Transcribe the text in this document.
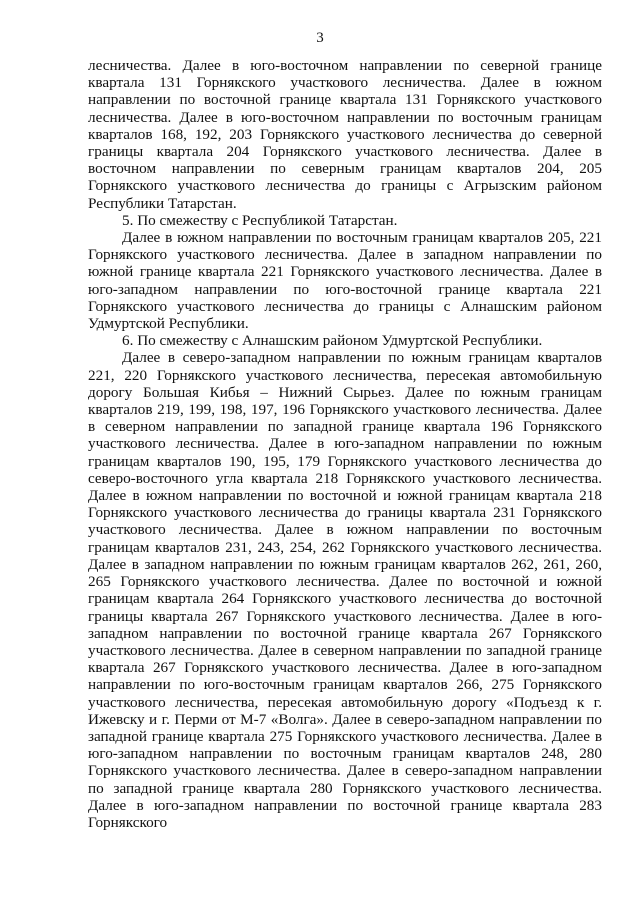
3

лесничества. Далее в юго-восточном направлении по северной границе квартала 131 Горнякского участкового лесничества. Далее в южном направлении по восточной границе квартала 131 Горнякского участкового лесничества. Далее в юго-восточном направлении по восточным границам кварталов 168, 192, 203 Горнякского участкового лесничества до северной границы квартала 204 Горнякского участкового лесничества. Далее в восточном направлении по северным границам кварталов 204, 205 Горнякского участкового лесничества до границы с Агрызским районом Республики Татарстан.

5. По смежеству с Республикой Татарстан.

Далее в южном направлении по восточным границам кварталов 205, 221 Горнякского участкового лесничества. Далее в западном направлении по южной границе квартала 221 Горнякского участкового лесничества. Далее в юго-западном направлении по юго-восточной границе квартала 221 Горнякского участкового лесничества до границы с Алнашским районом Удмуртской Республики.

6. По смежеству с Алнашским районом Удмуртской Республики.

Далее в северо-западном направлении по южным границам кварталов 221, 220 Горнякского участкового лесничества, пересекая автомобильную дорогу Большая Кибья – Нижний Сырьез. Далее по южным границам кварталов 219, 199, 198, 197, 196 Горнякского участкового лесничества. Далее в северном направлении по западной границе квартала 196 Горнякского участкового лесничества. Далее в юго-западном направлении по южным границам кварталов 190, 195, 179 Горнякского участкового лесничества до северо-восточного угла квартала 218 Горнякского участкового лесничества. Далее в южном направлении по восточной и южной границам квартала 218 Горнякского участкового лесничества до границы квартала 231 Горнякского участкового лесничества. Далее в южном направлении по восточным границам кварталов 231, 243, 254, 262 Горнякского участкового лесничества. Далее в западном направлении по южным границам кварталов 262, 261, 260, 265 Горнякского участкового лесничества. Далее по восточной и южной границам квартала 264 Горнякского участкового лесничества до восточной границы квартала 267 Горнякского участкового лесничества. Далее в юго-западном направлении по восточной границе квартала 267 Горнякского участкового лесничества. Далее в северном направлении по западной границе квартала 267 Горнякского участкового лесничества. Далее в юго-западном направлении по юго-восточным границам кварталов 266, 275 Горнякского участкового лесничества, пересекая автомобильную дорогу «Подъезд к г. Ижевску и г. Перми от М-7 «Волга». Далее в северо-западном направлении по западной границе квартала 275 Горнякского участкового лесничества. Далее в юго-западном направлении по восточным границам кварталов 248, 280 Горнякского участкового лесничества. Далее в северо-западном направлении по западной границе квартала 280 Горнякского участкового лесничества. Далее в юго-западном направлении по восточной границе квартала 283 Горнякского
